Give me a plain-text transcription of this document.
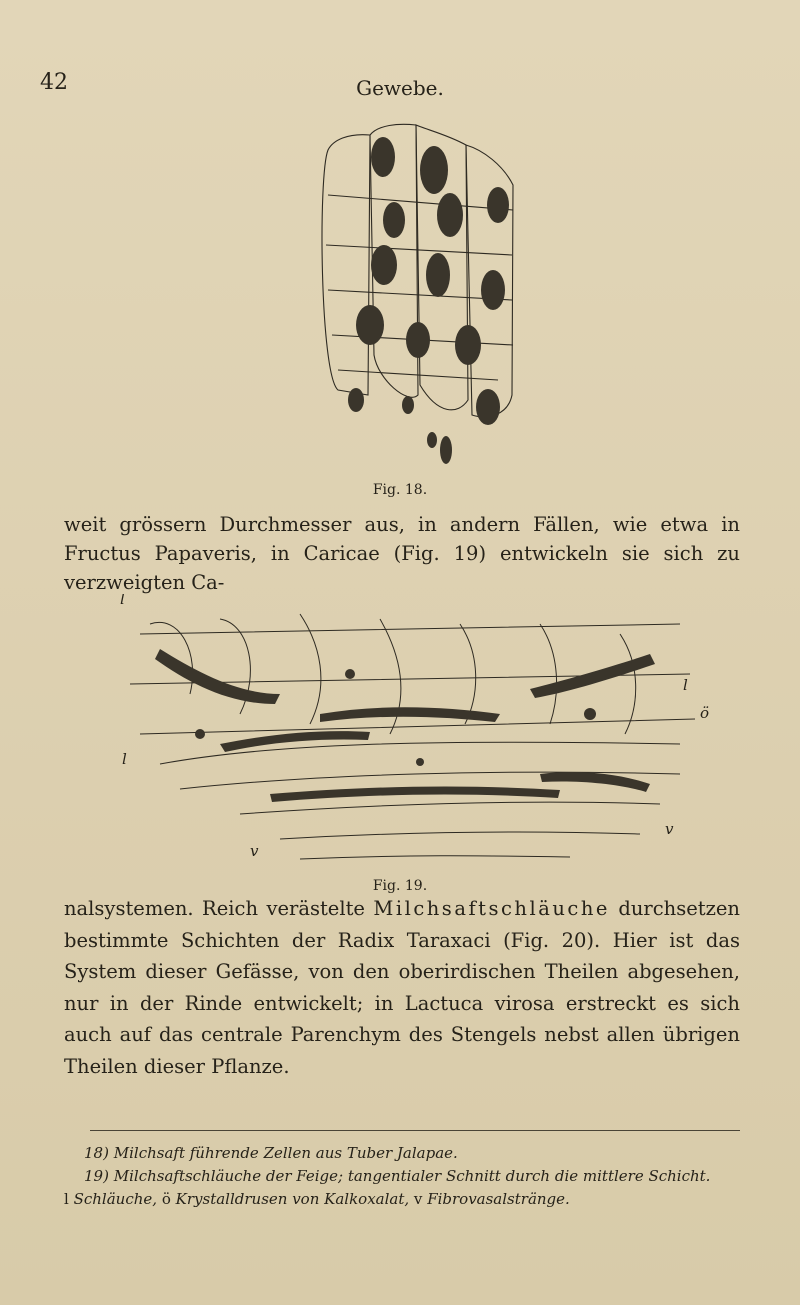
42	Gewebe.
Fig. 18.

weit grössern Durchmesser aus, in andern Fällen, wie etwa in Fructus Papaveris, in Caricae (Fig. 19) entwickeln sie sich zu verzweigten Ca-

l
l
l
ö
v
v
Fig. 19.

nalsystemen. Reich verästelte Milchsaftschläuche durchsetzen bestimmte Schichten der Radix Taraxaci (Fig. 20). Hier ist das System dieser Gefässe, von den oberirdischen Theilen abgesehen, nur in der Rinde entwickelt; in Lactuca virosa erstreckt es sich auch auf das centrale Parenchym des Stengels nebst allen übrigen Theilen dieser Pflanze.

18) Milchsaft führende Zellen aus Tuber Jalapae.
19) Milchsaftschläuche der Feige; tangentialer Schnitt durch die mittlere Schicht.
l Schläuche, ö Krystalldrusen von Kalkoxalat, v Fibrovasalstränge.
